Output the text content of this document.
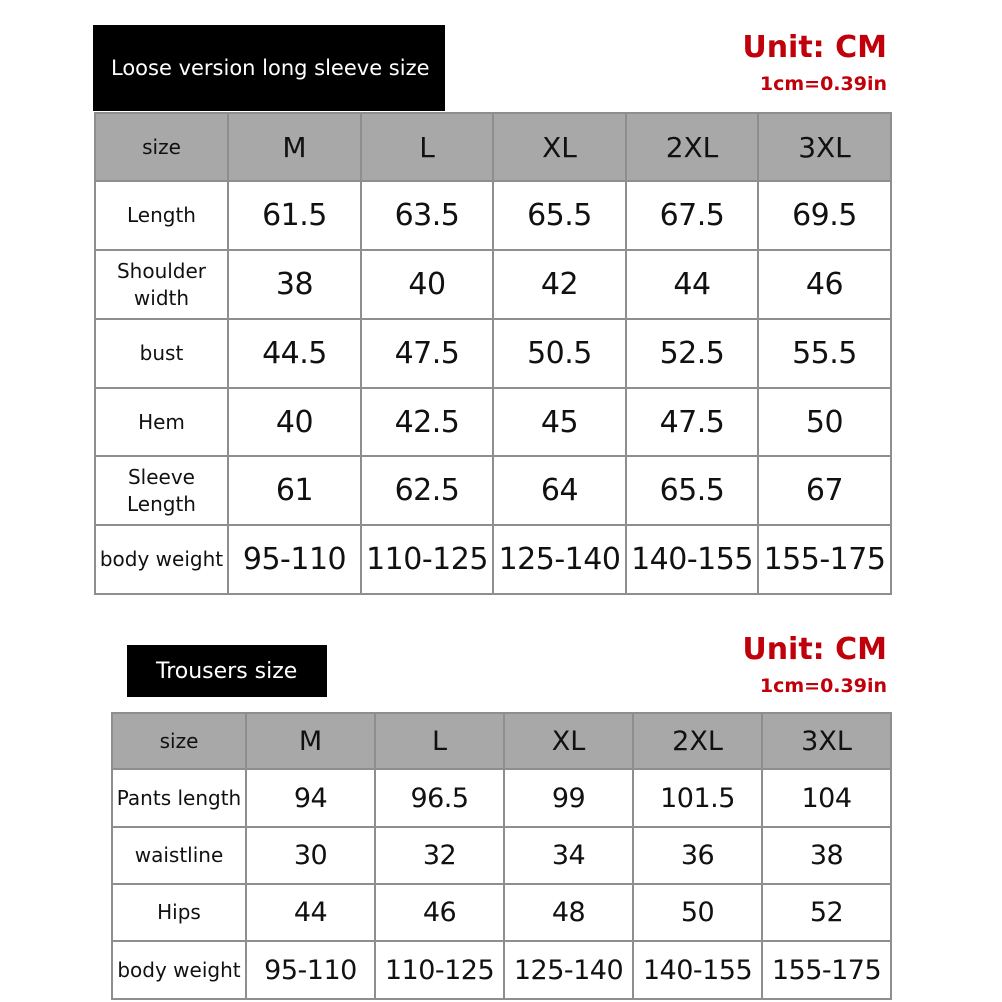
Loose version long sleeve size
Unit: CM
1cm=0.39in
size	M	L	XL	2XL	3XL
Length	61.5	63.5	65.5	67.5	69.5
Shoulder width	38	40	42	44	46
bust	44.5	47.5	50.5	52.5	55.5
Hem	40	42.5	45	47.5	50
Sleeve Length	61	62.5	64	65.5	67
body weight	95-110	110-125	125-140	140-155	155-175
Trousers size
Unit: CM
1cm=0.39in
size	M	L	XL	2XL	3XL
Pants length	94	96.5	99	101.5	104
waistline	30	32	34	36	38
Hips	44	46	48	50	52
body weight	95-110	110-125	125-140	140-155	155-175
